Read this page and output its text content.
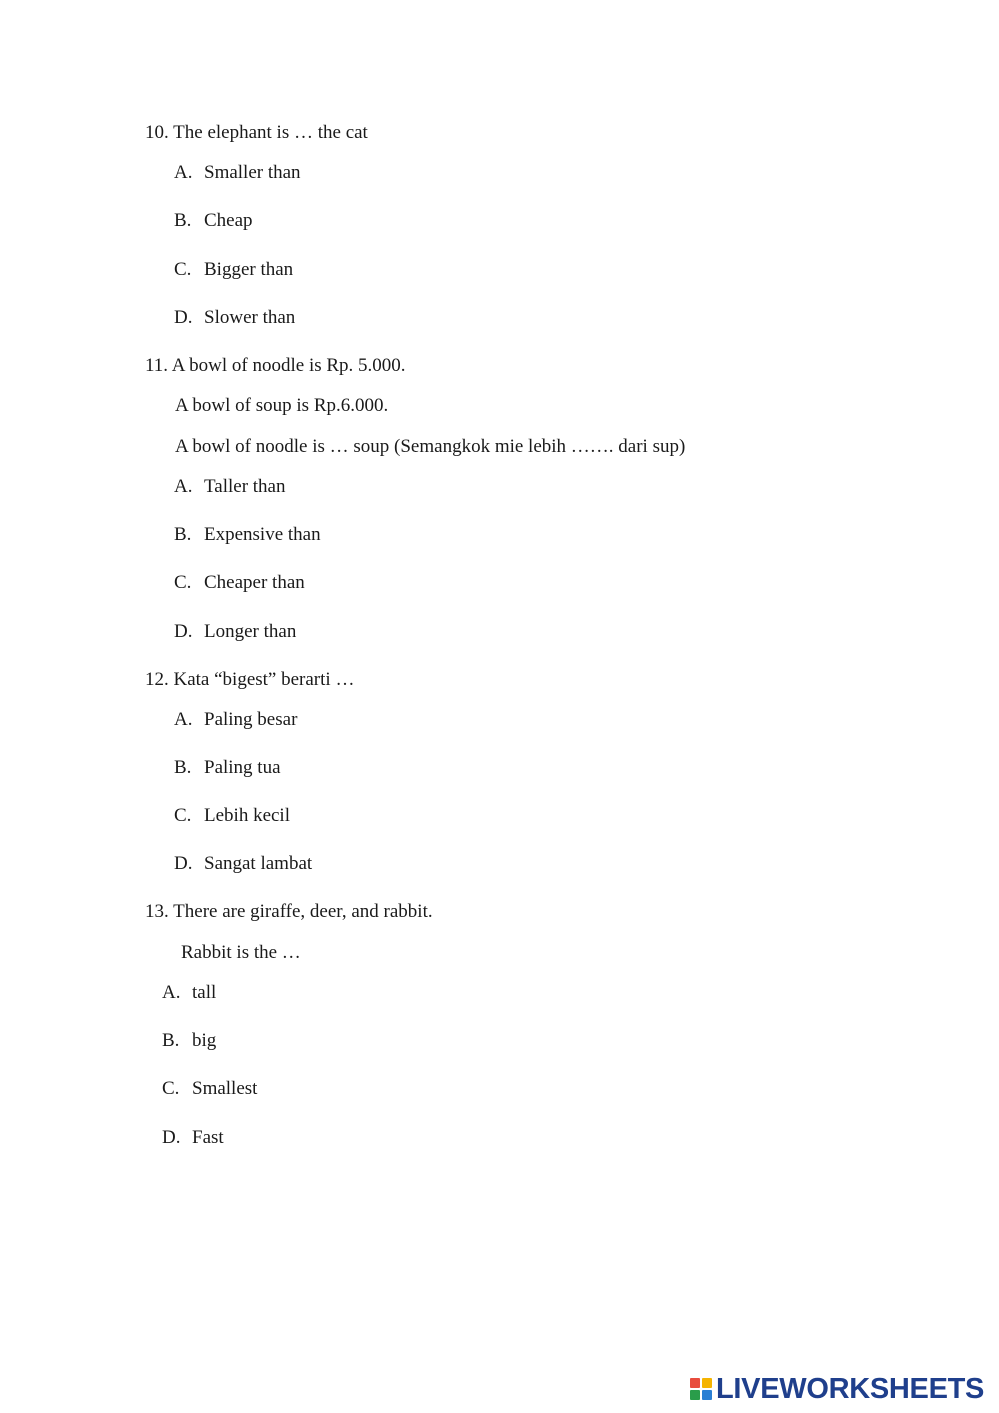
10. The elephant is … the cat
A. Smaller than
B. Cheap
C. Bigger than
D. Slower than
11. A bowl of noodle is Rp. 5.000.
A bowl of soup is Rp.6.000.
A bowl of noodle is … soup (Semangkok mie lebih ……. dari sup)
A. Taller than
B. Expensive than
C. Cheaper than
D. Longer than
12. Kata “bigest” berarti …
A. Paling besar
B. Paling tua
C. Lebih kecil
D. Sangat lambat
13. There are giraffe, deer, and rabbit.
Rabbit is the …
A. tall
B. big
C. Smallest
D. Fast
LIVEWORKSHEETS
